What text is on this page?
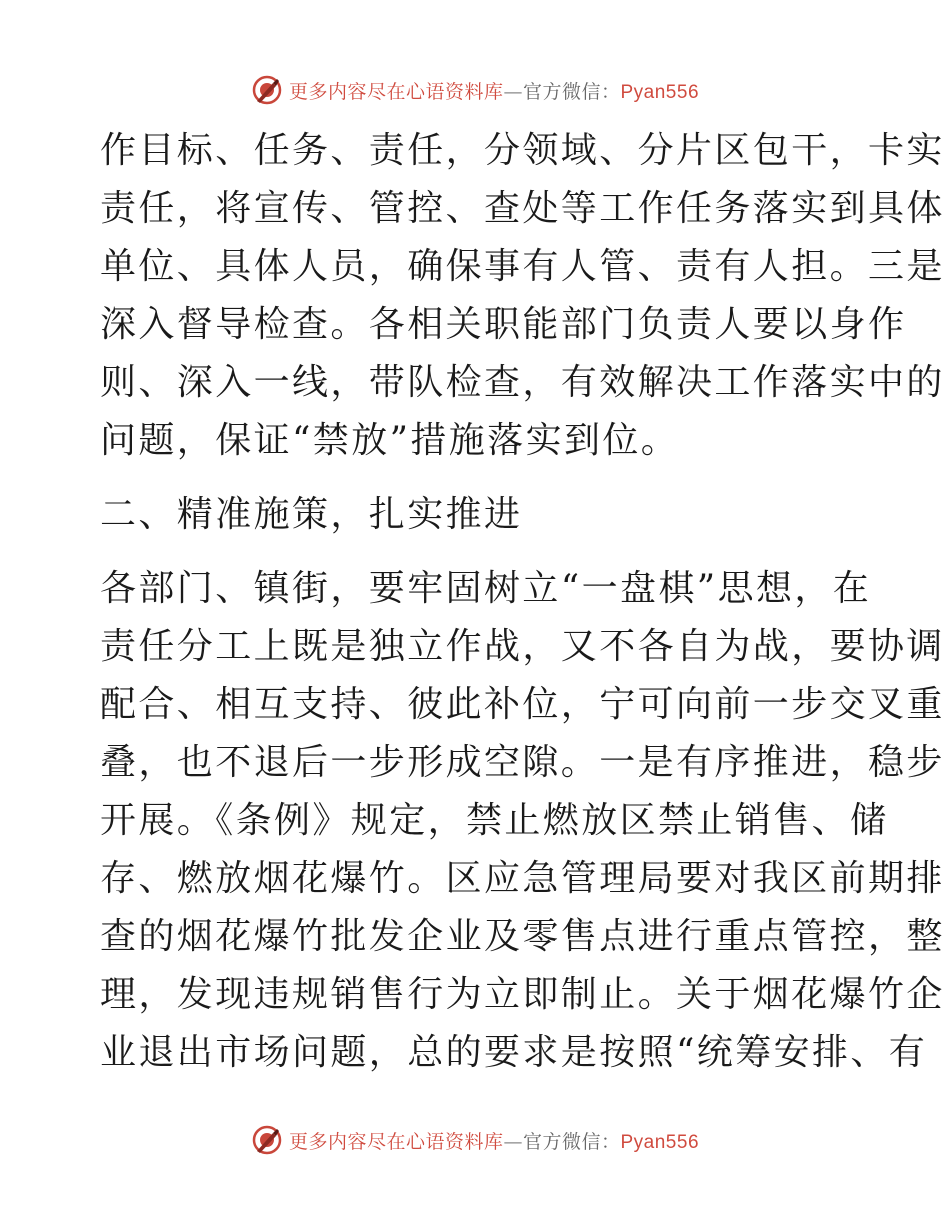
更多内容尽在心语资料库—官方微信：Pyan556
作目标、任务、责任，分领域、分片区包干，卡实
责任，将宣传、管控、查处等工作任务落实到具体
单位、具体人员，确保事有人管、责有人担。三是
深入督导检查。各相关职能部门负责人要以身作
则、深入一线，带队检查，有效解决工作落实中的
问题，保证“禁放”措施落实到位。
二、精准施策，扎实推进
各部门、镇街，要牢固树立“一盘棋”思想，在
责任分工上既是独立作战，又不各自为战，要协调
配合、相互支持、彼此补位，宁可向前一步交叉重
叠，也不退后一步形成空隙。一是有序推进，稳步
开展。《条例》规定，禁止燃放区禁止销售、储
存、燃放烟花爆竹。区应急管理局要对我区前期排
查的烟花爆竹批发企业及零售点进行重点管控，整
理，发现违规销售行为立即制止。关于烟花爆竹企
业退出市场问题，总的要求是按照“统筹安排、有
更多内容尽在心语资料库—官方微信：Pyan556
